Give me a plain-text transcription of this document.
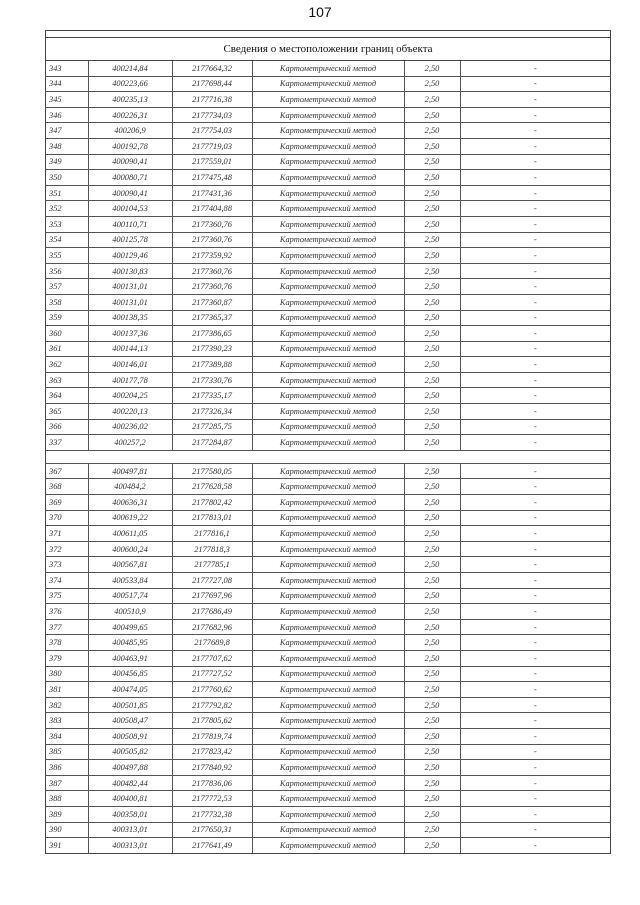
107
Сведения о местоположении границ объекта
343	400214,84	2177664,32	Картометрический метод	2,50	-
344	400223,66	2177698,44	Картометрический метод	2,50	-
345	400235,13	2177716,38	Картометрический метод	2,50	-
346	400226,31	2177734,03	Картометрический метод	2,50	-
347	400206,9	2177754,03	Картометрический метод	2,50	-
348	400192,78	2177719,03	Картометрический метод	2,50	-
349	400090,41	2177559,01	Картометрический метод	2,50	-
350	400080,71	2177475,48	Картометрический метод	2,50	-
351	400090,41	2177431,36	Картометрический метод	2,50	-
352	400104,53	2177404,88	Картометрический метод	2,50	-
353	400110,71	2177360,76	Картометрический метод	2,50	-
354	400125,78	2177360,76	Картометрический метод	2,50	-
355	400129,46	2177359,92	Картометрический метод	2,50	-
356	400130,83	2177360,76	Картометрический метод	2,50	-
357	400131,01	2177360,76	Картометрический метод	2,50	-
358	400131,01	2177360,87	Картометрический метод	2,50	-
359	400138,35	2177365,37	Картометрический метод	2,50	-
360	400137,36	2177386,65	Картометрический метод	2,50	-
361	400144,13	2177390,23	Картометрический метод	2,50	-
362	400146,01	2177389,88	Картометрический метод	2,50	-
363	400177,78	2177330,76	Картометрический метод	2,50	-
364	400204,25	2177335,17	Картометрический метод	2,50	-
365	400220,13	2177326,34	Картометрический метод	2,50	-
366	400236,02	2177285,75	Картометрический метод	2,50	-
337	400257,2	2177284,87	Картометрический метод	2,50	-

367	400497,81	2177580,05	Картометрический метод	2,50	-
368	400484,2	2177628,58	Картометрический метод	2,50	-
369	400636,31	2177802,42	Картометрический метод	2,50	-
370	400619,22	2177813,01	Картометрический метод	2,50	-
371	400611,05	2177816,1	Картометрический метод	2,50	-
372	400600,24	2177818,3	Картометрический метод	2,50	-
373	400567,81	2177785,1	Картометрический метод	2,50	-
374	400533,84	2177727,08	Картометрический метод	2,50	-
375	400517,74	2177697,96	Картометрический метод	2,50	-
376	400510,9	2177686,49	Картометрический метод	2,50	-
377	400499,65	2177682,96	Картометрический метод	2,50	-
378	400485,95	2177689,8	Картометрический метод	2,50	-
379	400463,91	2177707,62	Картометрический метод	2,50	-
380	400456,85	2177727,52	Картометрический метод	2,50	-
381	400474,05	2177760,62	Картометрический метод	2,50	-
382	400501,85	2177792,82	Картометрический метод	2,50	-
383	400508,47	2177805,62	Картометрический метод	2,50	-
384	400508,91	2177819,74	Картометрический метод	2,50	-
385	400505,82	2177823,42	Картометрический метод	2,50	-
386	400497,88	2177840,92	Картометрический метод	2,50	-
387	400482,44	2177836,06	Картометрический метод	2,50	-
388	400400,81	2177772,53	Картометрический метод	2,50	-
389	400358,01	2177732,38	Картометрический метод	2,50	-
390	400313,01	2177650,31	Картометрический метод	2,50	-
391	400313,01	2177641,49	Картометрический метод	2,50	-
